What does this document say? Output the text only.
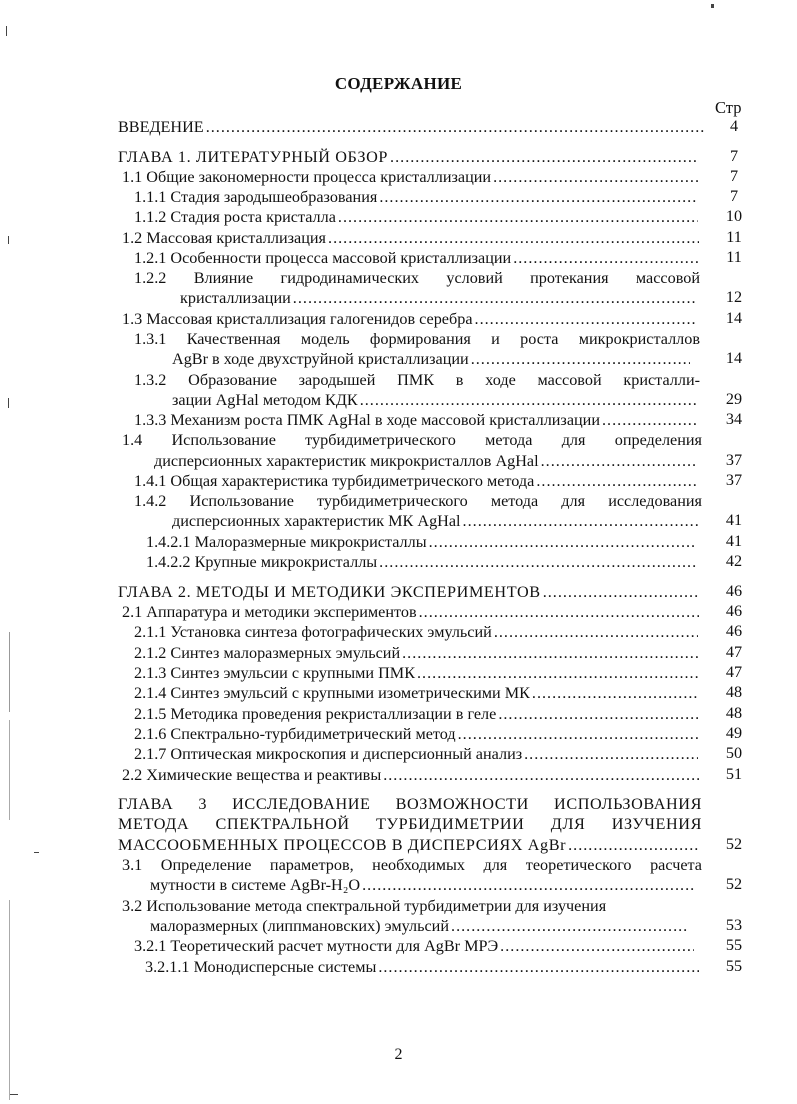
СОДЕРЖАНИЕ
Стр
ВВЕДЕНИЕ .....	4
ГЛАВА 1. ЛИТЕРАТУРНЫЙ ОБЗОР .....	7
1.1 Общие закономерности процесса кристаллизации .....	7
1.1.1 Стадия зародышеобразования .....	7
1.1.2 Стадия роста кристалла .....	10
1.2 Массовая кристаллизация .....	11
1.2.1 Особенности процесса массовой кристаллизации .....	11
1.2.2 Влияние гидродинамических условий протекания массовой
кристаллизации .....	12
1.3 Массовая кристаллизация галогенидов серебра .....	14
1.3.1 Качественная модель формирования и роста микрокристаллов
AgBr в ходе двухструйной кристаллизации .....	14
1.3.2 Образование зародышей ПМК в ходе массовой кристалли-
зации AgHal методом КДК .....	29
1.3.3 Механизм роста ПМК AgHal в ходе массовой кристаллизации .....	34
1.4 Использование турбидиметрического метода для определения
дисперсионных характеристик микрокристаллов AgHal .....	37
1.4.1 Общая характеристика турбидиметрического метода .....	37
1.4.2 Использование турбидиметрического метода для исследования
дисперсионных характеристик МК AgHal .....	41
1.4.2.1 Малоразмерные микрокристаллы .....	41
1.4.2.2 Крупные микрокристаллы .....	42
ГЛАВА 2. МЕТОДЫ И МЕТОДИКИ ЭКСПЕРИМЕНТОВ .....	46
2.1 Аппаратура и методики экспериментов .....	46
2.1.1 Установка синтеза фотографических эмульсий .....	46
2.1.2 Синтез малоразмерных эмульсий .....	47
2.1.3 Синтез эмульсии с крупными ПМК .....	47
2.1.4 Синтез эмульсий с крупными изометрическими МК .....	48
2.1.5 Методика проведения рекристаллизации в геле .....	48
2.1.6 Спектрально-турбидиметрический метод .....	49
2.1.7 Оптическая микроскопия и дисперсионный анализ .....	50
2.2 Химические вещества и реактивы .....	51
ГЛАВА 3 ИССЛЕДОВАНИЕ ВОЗМОЖНОСТИ ИСПОЛЬЗОВАНИЯ
МЕТОДА СПЕКТРАЛЬНОЙ ТУРБИДИМЕТРИИ ДЛЯ ИЗУЧЕНИЯ
МАССООБМЕННЫХ ПРОЦЕССОВ В ДИСПЕРСИЯХ AgBr .....	52
3.1 Определение параметров, необходимых для теоретического расчета
мутности в системе AgBr-H₂O .....	52
3.2 Использование метода спектральной турбидиметрии для изучения
малоразмерных (липпмановских) эмульсий .....	53
3.2.1 Теоретический расчет мутности для AgBr МРЭ .....	55
3.2.1.1 Монодисперсные системы .....	55
2
